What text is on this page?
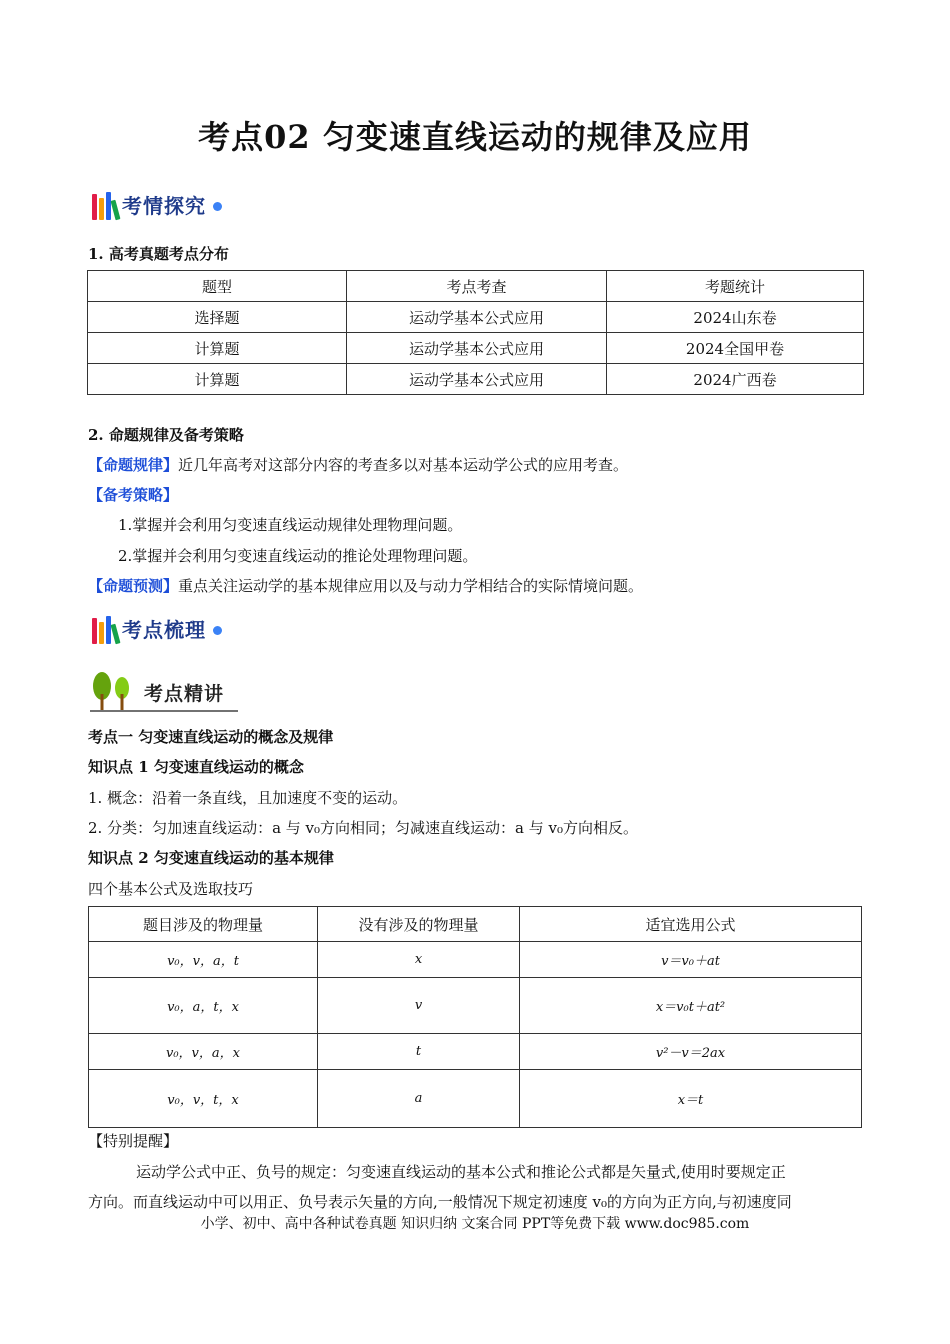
考点02 匀变速直线运动的规律及应用
考情探究
1. 高考真题考点分布
题型	考点考查	考题统计
选择题	运动学基本公式应用	2024山东卷
计算题	运动学基本公式应用	2024全国甲卷
计算题	运动学基本公式应用	2024广西卷
2. 命题规律及备考策略
【命题规律】近几年高考对这部分内容的考查多以对基本运动学公式的应用考查。
【备考策略】
1.掌握并会利用匀变速直线运动规律处理物理问题。
2.掌握并会利用匀变速直线运动的推论处理物理问题。
【命题预测】重点关注运动学的基本规律应用以及与动力学相结合的实际情境问题。
考点梳理
考点精讲
考点一 匀变速直线运动的概念及规律
知识点 1 匀变速直线运动的概念
1. 概念：沿着一条直线，且加速度不变的运动。
2. 分类：匀加速直线运动：a 与 v₀方向相同；匀减速直线运动：a 与 v₀方向相反。
知识点 2 匀变速直线运动的基本规律
四个基本公式及选取技巧
题目涉及的物理量	没有涉及的物理量	适宜选用公式
v₀，v，a，t	x	v＝v₀＋at
v₀，a，t，x	v	x＝v₀t＋at²
v₀，v，a，x	t	v²－v＝2ax
v₀，v，t，x	a	x＝t
【特别提醒】
运动学公式中正、负号的规定：匀变速直线运动的基本公式和推论公式都是矢量式,使用时要规定正
方向。而直线运动中可以用正、负号表示矢量的方向,一般情况下规定初速度 v₀的方向为正方向,与初速度同
小学、初中、高中各种试卷真题 知识归纳 文案合同 PPT等免费下载 www.doc985.com
